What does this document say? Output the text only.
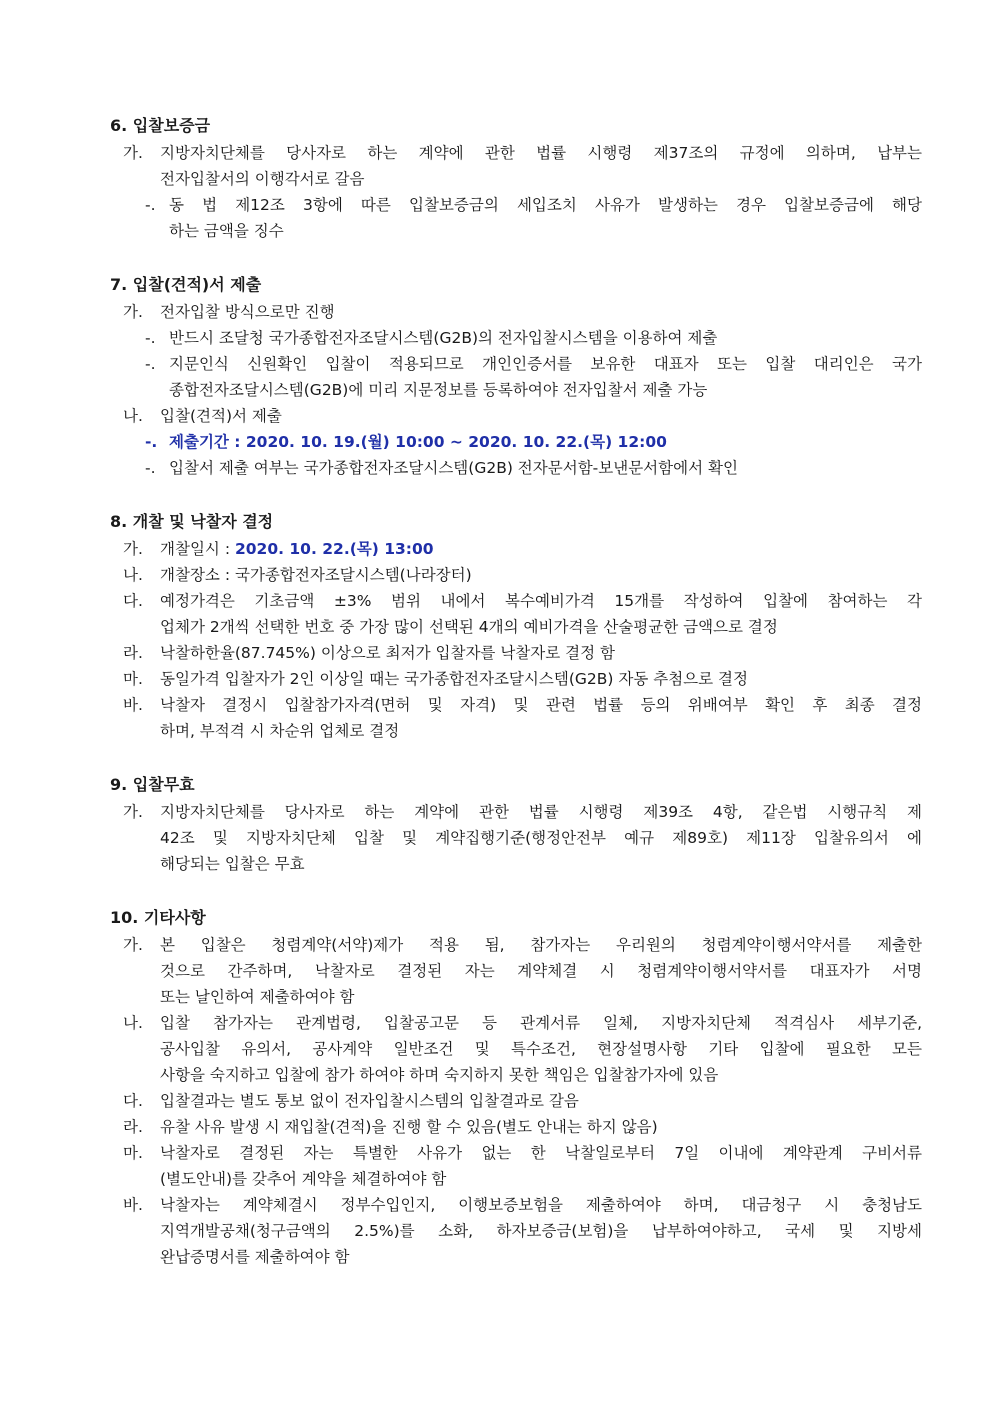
6. 입찰보증금
가.	지방자치단체를 당사자로 하는 계약에 관한 법률 시행령 제37조의 규정에 의하며, 납부는
전자입찰서의 이행각서로 갈음
-. 동 법 제12조 3항에 따른 입찰보증금의 세입조치 사유가 발생하는 경우 입찰보증금에 해당
하는 금액을 징수
7. 입찰(견적)서 제출
가.	전자입찰 방식으로만 진행
-. 반드시 조달청 국가종합전자조달시스템(G2B)의 전자입찰시스템을 이용하여 제출
-. 지문인식 신원확인 입찰이 적용되므로 개인인증서를 보유한 대표자 또는 입찰 대리인은 국가
종합전자조달시스템(G2B)에 미리 지문정보를 등록하여야 전자입찰서 제출 가능
나.	입찰(견적)서 제출
-. 제출기간 : 2020. 10. 19.(월) 10:00 ~ 2020. 10. 22.(목) 12:00
-. 입찰서 제출 여부는 국가종합전자조달시스템(G2B) 전자문서함-보낸문서함에서 확인
8. 개찰 및 낙찰자 결정
가.	개찰일시 : 2020. 10. 22.(목) 13:00
나.	개찰장소 : 국가종합전자조달시스템(나라장터)
다.	예정가격은 기초금액 ±3% 범위 내에서 복수예비가격 15개를 작성하여 입찰에 참여하는 각
업체가 2개씩 선택한 번호 중 가장 많이 선택된 4개의 예비가격을 산술평균한 금액으로 결정
라.	낙찰하한율(87.745%) 이상으로 최저가 입찰자를 낙찰자로 결정 함
마.	동일가격 입찰자가 2인 이상일 때는 국가종합전자조달시스템(G2B) 자동 추첨으로 결정
바.	낙찰자 결정시 입찰참가자격(면허 및 자격) 및 관련 법률 등의 위배여부 확인 후 최종 결정
하며, 부적격 시 차순위 업체로 결정
9. 입찰무효
가.	지방자치단체를 당사자로 하는 계약에 관한 법률 시행령 제39조 4항, 같은법 시행규칙 제
42조 및 지방자치단체 입찰 및 계약집행기준(행정안전부 예규 제89호) 제11장 입찰유의서 에
해당되는 입찰은 무효
10. 기타사항
가.	본 입찰은 청렴계약(서약)제가 적용 됨, 참가자는 우리원의 청렴계약이행서약서를 제출한
것으로 간주하며, 낙찰자로 결정된 자는 계약체결 시 청렴계약이행서약서를 대표자가 서명
또는 날인하여 제출하여야 함
나.	입찰 참가자는 관계법령, 입찰공고문 등 관계서류 일체, 지방자치단체 적격심사 세부기준,
공사입찰 유의서, 공사계약 일반조건 및 특수조건, 현장설명사항 기타 입찰에 필요한 모든
사항을 숙지하고 입찰에 참가 하여야 하며 숙지하지 못한 책임은 입찰참가자에 있음
다.	입찰결과는 별도 통보 없이 전자입찰시스템의 입찰결과로 갈음
라.	유찰 사유 발생 시 재입찰(견적)을 진행 할 수 있음(별도 안내는 하지 않음)
마.	낙찰자로 결정된 자는 특별한 사유가 없는 한 낙찰일로부터 7일 이내에 계약관계 구비서류
(별도안내)를 갖추어 계약을 체결하여야 함
바.	낙찰자는 계약체결시 정부수입인지, 이행보증보험을 제출하여야 하며, 대금청구 시 충청남도
지역개발공채(청구금액의 2.5%)를 소화, 하자보증금(보험)을 납부하여야하고, 국세 및 지방세
완납증명서를 제출하여야 함
